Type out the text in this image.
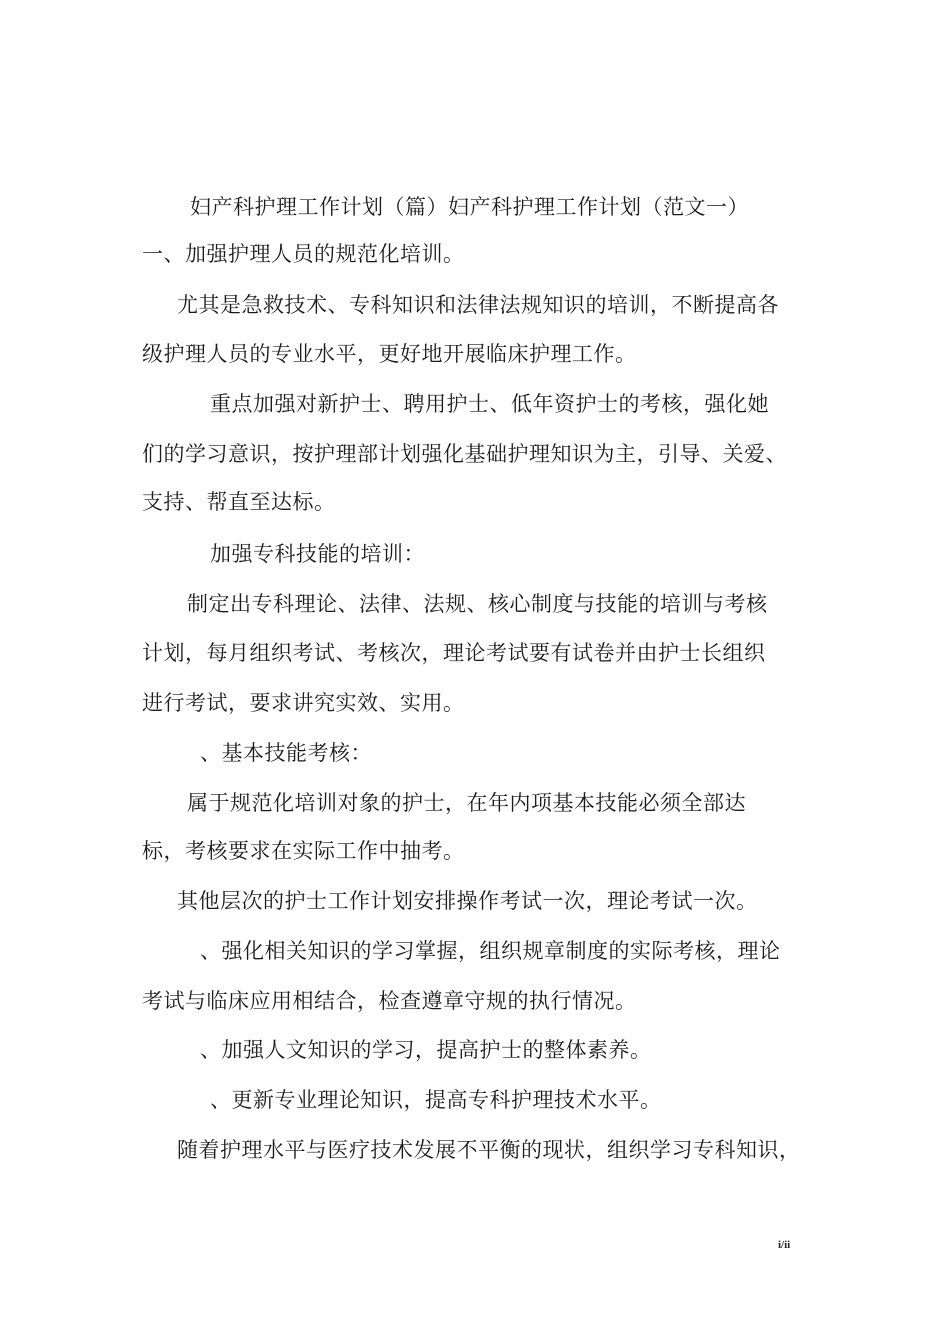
妇产科护理工作计划（篇）妇产科护理工作计划（范文一）
一、加强护理人员的规范化培训。
尤其是急救技术、专科知识和法律法规知识的培训，不断提高各
级护理人员的专业水平，更好地开展临床护理工作。
重点加强对新护士、聘用护士、低年资护士的考核，强化她
们的学习意识，按护理部计划强化基础护理知识为主，引导、关爱、
支持、帮直至达标。
加强专科技能的培训：
制定出专科理论、法律、法规、核心制度与技能的培训与考核
计划，每月组织考试、考核次，理论考试要有试卷并由护士长组织
进行考试，要求讲究实效、实用。
、基本技能考核：
属于规范化培训对象的护士，在年内项基本技能必须全部达
标，考核要求在实际工作中抽考。
其他层次的护士工作计划安排操作考试一次，理论考试一次。
、强化相关知识的学习掌握，组织规章制度的实际考核，理论
考试与临床应用相结合，检查遵章守规的执行情况。
、加强人文知识的学习，提高护士的整体素养。
、更新专业理论知识，提高专科护理技术水平。
随着护理水平与医疗技术发展不平衡的现状，组织学习专科知识，
i/ii
